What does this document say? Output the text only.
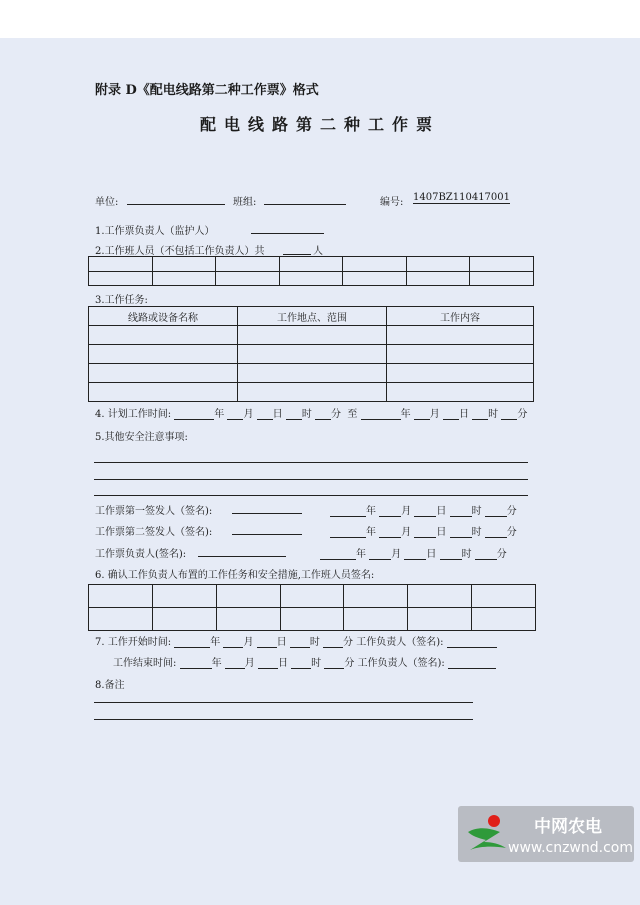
附录 D《配电线路第二种工作票》格式
配电线路第二种工作票
单位:	班组:	编号: 1407BZ110417001
1.工作票负责人（监护人）
2.工作班人员（不包括工作负责人）共	人

3.工作任务:
线路或设备名称	工作地点、范围	工作内容

4. 计划工作时间:	年 月 日 时 分 至	年 月 日 时 分
5.其他安全注意事项:
工作票第一签发人（签名):	年	月	日	时	分
工作票第二签发人（签名):	年	月	日	时	分
工作票负责人(签名):	年	月	日	时	分
6. 确认工作负责人布置的工作任务和安全措施,工作班人员签名:

7. 工作开始时间:	年 月 日 时 分 工作负责人（签名):
工作结束时间:	年 月 日 时 分 工作负责人（签名):
8.备注
中网农电
www.cnzwnd.com
